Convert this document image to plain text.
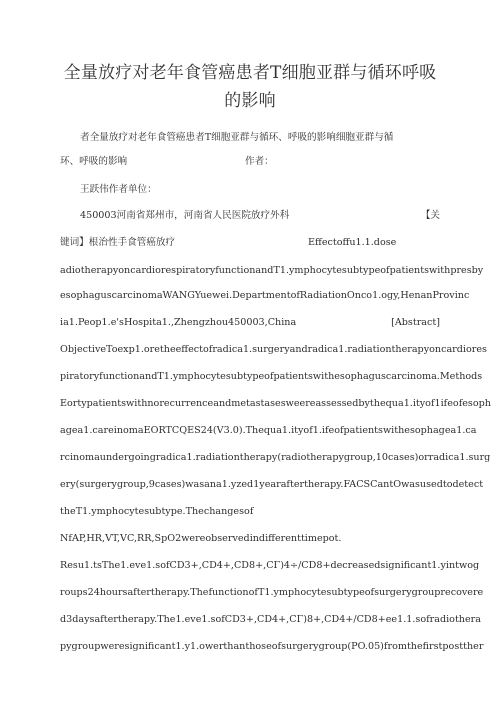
全量放疗对老年食管癌患者T细胞亚群与循环呼吸
的影响
者全量放疗对老年食管癌患者T细胞亚群与循环、呼吸的影响细胞亚群与循
环、呼吸的影响	作者：
王跃伟作者单位：
450003河南省郑州市，河南省人民医院放疗外科	【关
键词】根治性手食管癌放疗	Effectoffu1.1.dose
adiotherapyoncardiorespiratoryfunctionandT1.ymphocytesubtypeofpatientswithpresby
esophaguscarcinomaWANGYuewei.DepartmentofRadiationOnco1.ogy,HenanProvinc
ia1.Peop1.e'sHospita1.,Zhengzhou450003,China	[Abstract]
ObjectiveToexp1.oretheeffectofradica1.surgeryandradica1.radiationtherapyoncardiores
piratoryfunctionandT1.ymphocytesubtypeofpatientswithesophaguscarcinoma.Methods
Eortypatientswithnorecurrenceandmetastasesweereassessedbythequa1.ityof1ifeofesoph
agea1.careinomaEORTCQES24(V3.0).Thequa1.ityof1.ifeofpatientswithesophagea1.ca
rcinomaundergoingradica1.radiationtherapy(radiotherapygroup,10cases)orradica1.surg
ery(surgerygroup,9cases)wasana1.yzed1yearaftertherapy.FACSCantOwasusedtodetect
theT1.ymphocytesubtype.Thechangesof
NfAP,HR,VT,VC,RR,SpO2wereobservedindifferenttimepot.
Resu1.tsThe1.eve1.sofCD3+,CD4+,CD8+,CΓ)4÷/CD8+decreasedsignificant1.yintwog
roups24hoursaftertherapy.ThefunctionofT1.ymphocytesubtypeofsurgerygrouprecovere
d3daysaftertherapy.The1.eve1.sofCD3+,CD4+,CΓ)8+,CD4+/CD8+ee1.1.sofradiothera
pygroupweresignificant1.y1.owerthanthoseofsurgerygroup(PO.05)fromthefirstpostther
